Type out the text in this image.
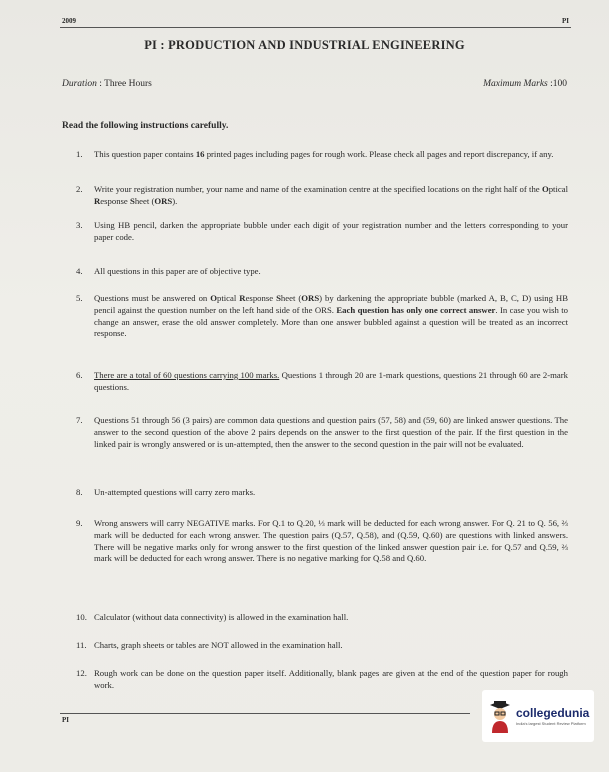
2009	PI
PI : PRODUCTION AND INDUSTRIAL ENGINEERING
Duration : Three Hours	Maximum Marks :100
Read the following instructions carefully.
1.	This question paper contains 16 printed pages including pages for rough work. Please check all pages and report discrepancy, if any.
2.	Write your registration number, your name and name of the examination centre at the specified locations on the right half of the Optical Response Sheet (ORS).
3.	Using HB pencil, darken the appropriate bubble under each digit of your registration number and the letters corresponding to your paper code.
4.	All questions in this paper are of objective type.
5.	Questions must be answered on Optical Response Sheet (ORS) by darkening the appropriate bubble (marked A, B, C, D) using HB pencil against the question number on the left hand side of the ORS. Each question has only one correct answer. In case you wish to change an answer, erase the old answer completely. More than one answer bubbled against a question will be treated as an incorrect response.
6.	There are a total of 60 questions carrying 100 marks. Questions 1 through 20 are 1-mark questions, questions 21 through 60 are 2-mark questions.
7.	Questions 51 through 56 (3 pairs) are common data questions and question pairs (57, 58) and (59, 60) are linked answer questions. The answer to the second question of the above 2 pairs depends on the answer to the first question of the pair. If the first question in the linked pair is wrongly answered or is un-attempted, then the answer to the second question in the pair will not be evaluated.
8.	Un-attempted questions will carry zero marks.
9.	Wrong answers will carry NEGATIVE marks. For Q.1 to Q.20, ⅓ mark will be deducted for each wrong answer. For Q. 21 to Q. 56, ⅔ mark will be deducted for each wrong answer. The question pairs (Q.57, Q.58), and (Q.59, Q.60) are questions with linked answers. There will be negative marks only for wrong answer to the first question of the linked answer question pair i.e. for Q.57 and Q.59, ⅔ mark will be deducted for each wrong answer. There is no negative marking for Q.58 and Q.60.
10. Calculator (without data connectivity) is allowed in the examination hall.
11. Charts, graph sheets or tables are NOT allowed in the examination hall.
12. Rough work can be done on the question paper itself. Additionally, blank pages are given at the end of the question paper for rough work.
PI	collegedunia
India's largest Student Review Platform
